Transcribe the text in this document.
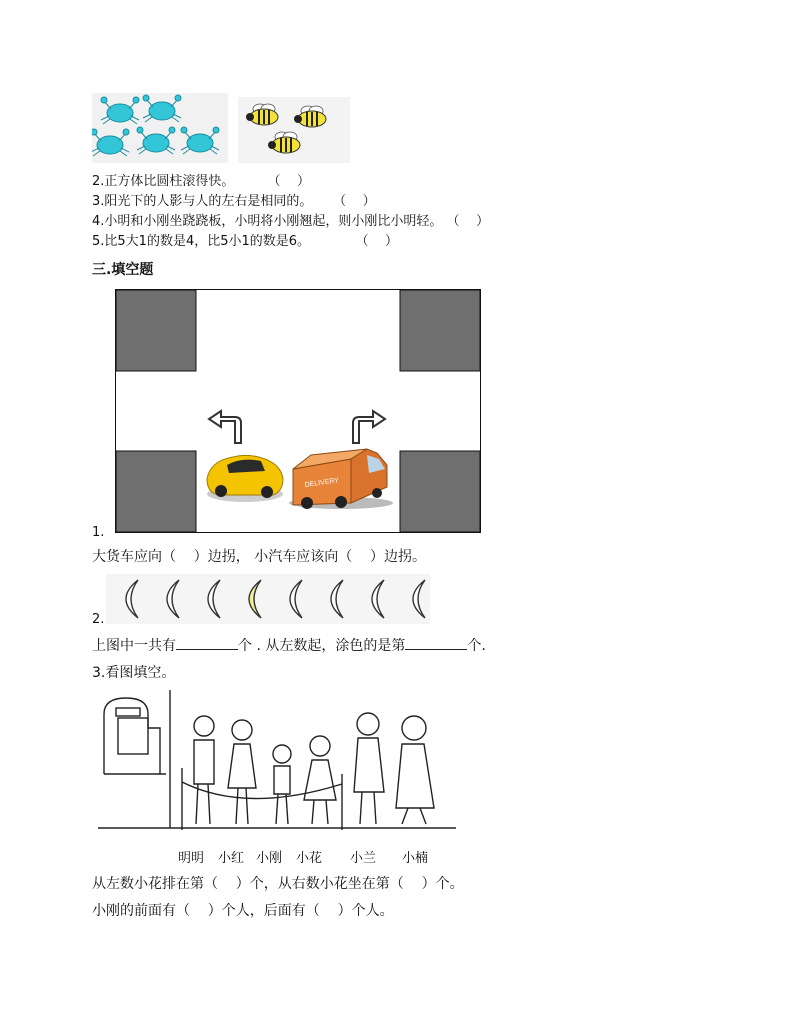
2.正方体比圆柱滚得快。        （    ）
3.阳光下的人影与人的左右是相同的。     （    ）
4.小明和小刚坐跷跷板，小明将小刚翘起，则小刚比小明轻。 （    ）
5.比5大1的数是4，比5小1的数是6。           （    ）
三.填空题
DELIVERY
1.
大货车应向（    ）边拐， 小汽车应该向（    ）边拐。
2.
上图中一共有	个 . 从左数起，涂色的是第	个.
3.看图填空。
明明 小红 小刚 小花 小兰 小楠
从左数小花排在第（    ）个，从右数小花坐在第（    ）个。
小刚的前面有（    ）个人，后面有（    ）个人。
